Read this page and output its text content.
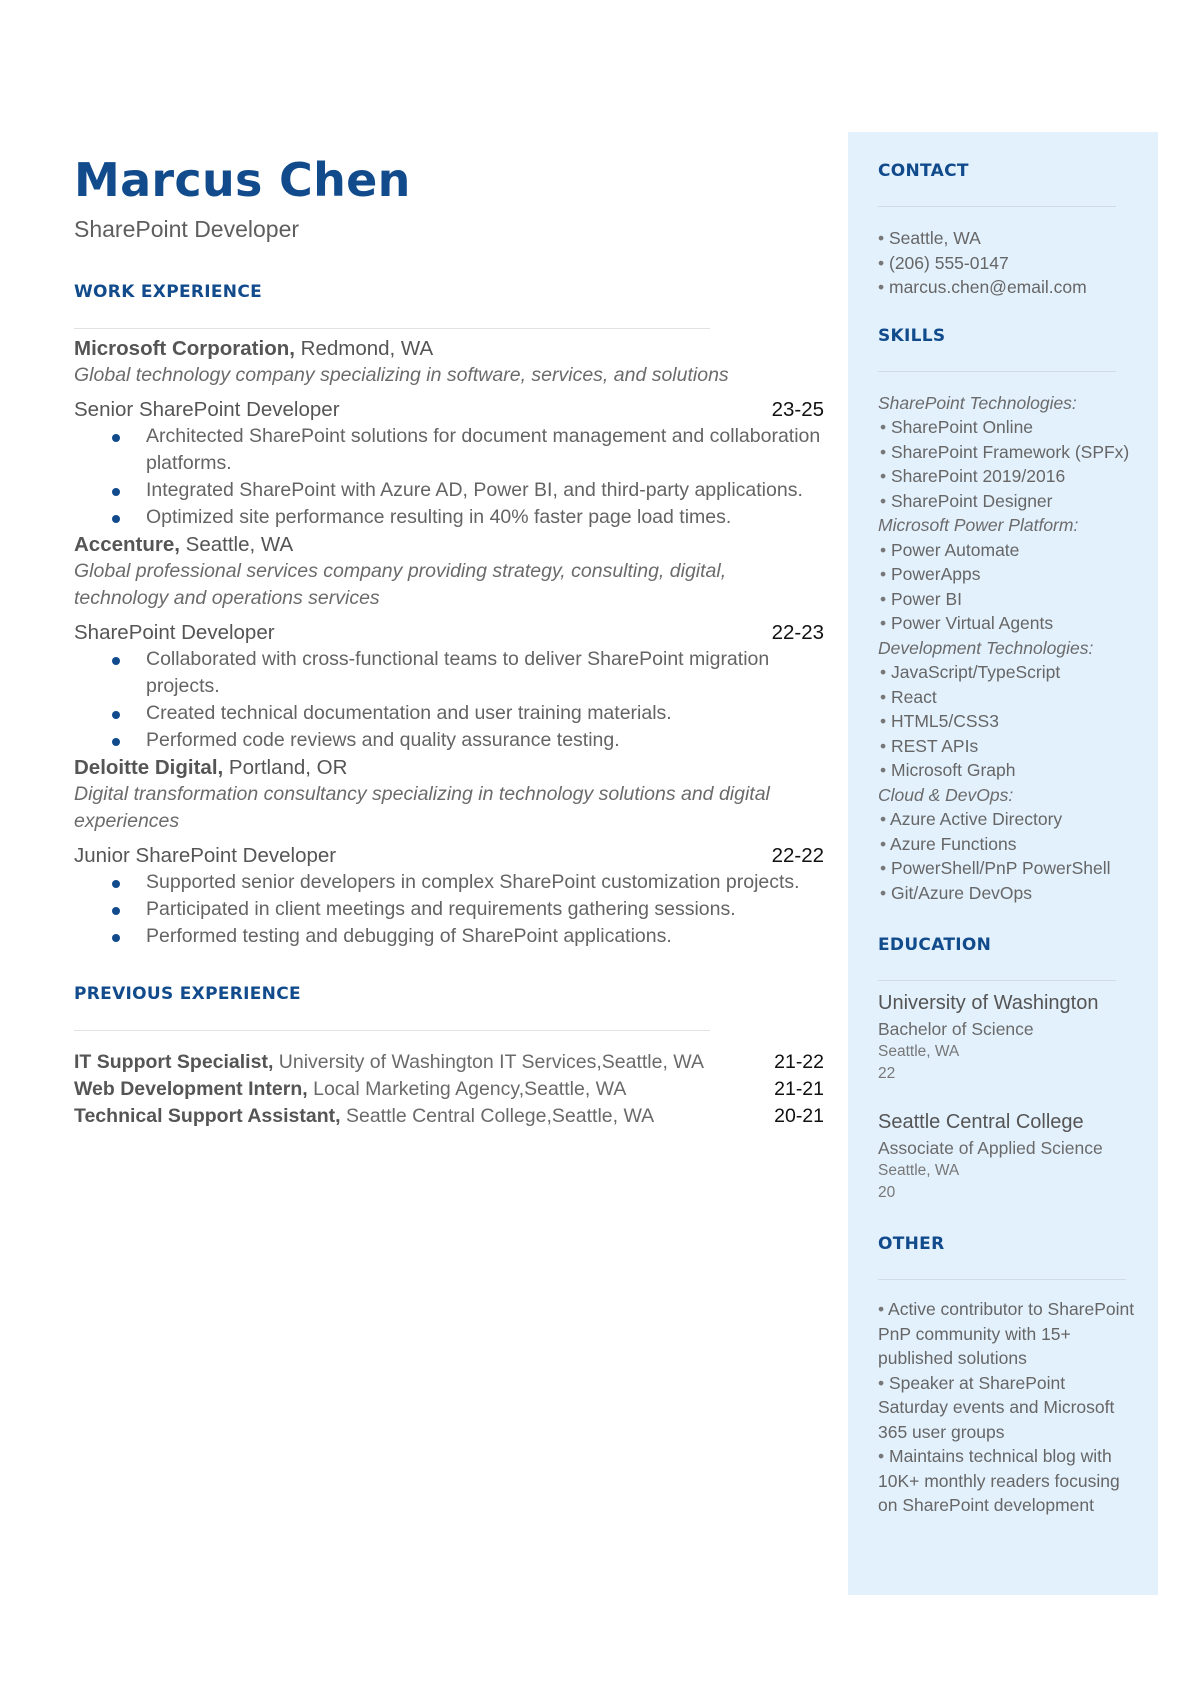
Marcus Chen
SharePoint Developer
WORK EXPERIENCE
Microsoft Corporation, Redmond, WA
Global technology company specializing in software, services, and solutions
Senior SharePoint Developer	23-25
Architected SharePoint solutions for document management and collaboration platforms.
Integrated SharePoint with Azure AD, Power BI, and third-party applications.
Optimized site performance resulting in 40% faster page load times.
Accenture, Seattle, WA
Global professional services company providing strategy, consulting, digital, technology and operations services
SharePoint Developer	22-23
Collaborated with cross-functional teams to deliver SharePoint migration projects.
Created technical documentation and user training materials.
Performed code reviews and quality assurance testing.
Deloitte Digital, Portland, OR
Digital transformation consultancy specializing in technology solutions and digital experiences
Junior SharePoint Developer	22-22
Supported senior developers in complex SharePoint customization projects.
Participated in client meetings and requirements gathering sessions.
Performed testing and debugging of SharePoint applications.
PREVIOUS EXPERIENCE
IT Support Specialist, University of Washington IT Services,Seattle, WA	21-22
Web Development Intern, Local Marketing Agency,Seattle, WA	21-21
Technical Support Assistant, Seattle Central College,Seattle, WA	20-21
CONTACT
• Seattle, WA
• (206) 555-0147
• marcus.chen@email.com
SKILLS
SharePoint Technologies:
• SharePoint Online
• SharePoint Framework (SPFx)
• SharePoint 2019/2016
• SharePoint Designer
Microsoft Power Platform:
• Power Automate
• PowerApps
• Power BI
• Power Virtual Agents
Development Technologies:
• JavaScript/TypeScript
• React
• HTML5/CSS3
• REST APIs
• Microsoft Graph
Cloud & DevOps:
• Azure Active Directory
• Azure Functions
• PowerShell/PnP PowerShell
• Git/Azure DevOps
EDUCATION
University of Washington
Bachelor of Science
Seattle, WA
22
Seattle Central College
Associate of Applied Science
Seattle, WA
20
OTHER
• Active contributor to SharePoint PnP community with 15+ published solutions
• Speaker at SharePoint Saturday events and Microsoft 365 user groups
• Maintains technical blog with 10K+ monthly readers focusing on SharePoint development
